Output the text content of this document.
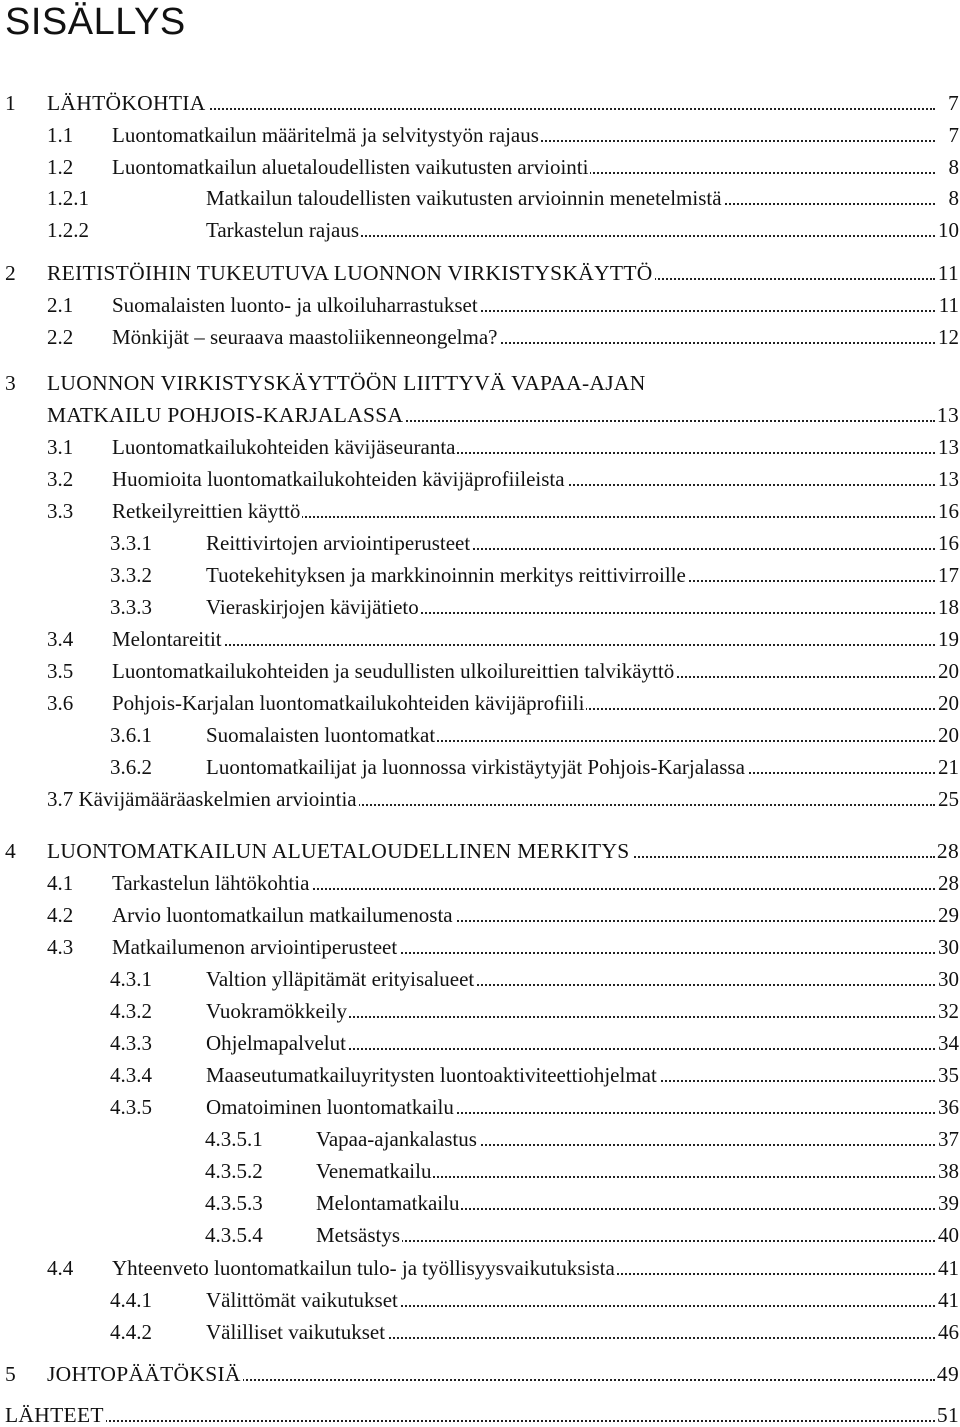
SISÄLLYS
1 LÄHTÖKOHTIA	7
1.1 Luontomatkailun määritelmä ja selvitystyön rajaus	7
1.2 Luontomatkailun aluetaloudellisten vaikutusten arviointi	8
1.2.1	Matkailun taloudellisten vaikutusten arvioinnin menetelmistä	8
1.2.2	Tarkastelun rajaus	10
2 REITISTÖIHIN TUKEUTUVA LUONNON VIRKISTYSKÄYTTÖ	11
2.1 Suomalaisten luonto- ja ulkoiluharrastukset	11
2.2 Mönkijät – seuraava maastoliikenneongelma?	12
3 LUONNON VIRKISTYSKÄYTTÖÖN LIITTYVÄ VAPAA-AJAN
MATKAILU POHJOIS-KARJALASSA	13
3.1 Luontomatkailukohteiden kävijäseuranta	13
3.2 Huomioita luontomatkailukohteiden kävijäprofiileista	13
3.3 Retkeilyreittien käyttö	16
3.3.1	Reittivirtojen arviointiperusteet	16
3.3.2	Tuotekehityksen ja markkinoinnin merkitys reittivirroille	17
3.3.3	Vieraskirjojen kävijätieto	18
3.4 Melontareitit	19
3.5 Luontomatkailukohteiden ja seudullisten ulkoilureittien talvikäyttö	20
3.6 Pohjois-Karjalan luontomatkailukohteiden kävijäprofiili	20
3.6.1	Suomalaisten luontomatkat	20
3.6.2	Luontomatkailijat ja luonnossa virkistäytyjät Pohjois-Karjalassa	21
3.7 Kävijämääräaskelmien arviointia	25
4 LUONTOMATKAILUN ALUETALOUDELLINEN MERKITYS	28
4.1 Tarkastelun lähtökohtia	28
4.2 Arvio luontomatkailun matkailumenosta	29
4.3 Matkailumenon arviointiperusteet	30
4.3.1	Valtion ylläpitämät erityisalueet	30
4.3.2	Vuokramökkeily	32
4.3.3	Ohjelmapalvelut	34
4.3.4	Maaseutumatkailuyritysten luontoaktiviteettiohjelmat	35
4.3.5	Omatoiminen luontomatkailu	36
4.3.5.1	Vapaa-ajankalastus	37
4.3.5.2	Venematkailu	38
4.3.5.3	Melontamatkailu	39
4.3.5.4	Metsästys	40
4.4 Yhteenveto luontomatkailun tulo- ja työllisyysvaikutuksista	41
4.4.1	Välittömät vaikutukset	41
4.4.2	Välilliset vaikutukset	46
5 JOHTOPÄÄTÖKSIÄ	49
LÄHTEET	51
